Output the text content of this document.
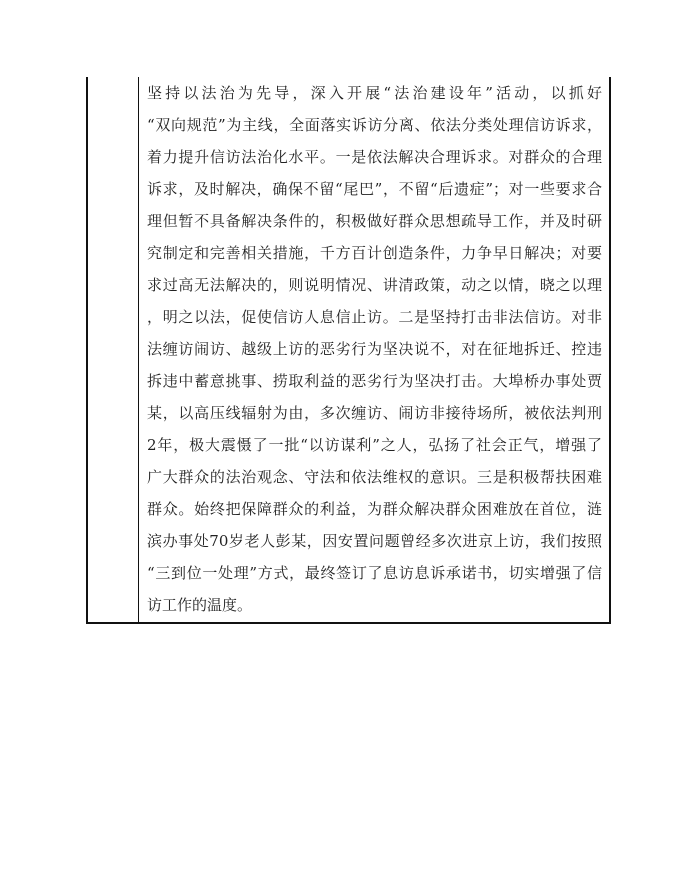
坚持以法治为先导，深入开展“法治建设年”活动，以抓好
“双向规范”为主线，全面落实诉访分离、依法分类处理信访诉求，
着力提升信访法治化水平。一是依法解决合理诉求。对群众的合理
诉求，及时解决，确保不留“尾巴”，不留“后遗症”；对一些要求合
理但暂不具备解决条件的，积极做好群众思想疏导工作，并及时研
究制定和完善相关措施，千方百计创造条件，力争早日解决；对要
求过高无法解决的，则说明情况、讲清政策，动之以情，晓之以理
，明之以法，促使信访人息信止访。二是坚持打击非法信访。对非
法缠访闹访、越级上访的恶劣行为坚决说不，对在征地拆迁、控违
拆违中蓄意挑事、捞取利益的恶劣行为坚决打击。大埠桥办事处贾
某，以高压线辐射为由，多次缠访、闹访非接待场所，被依法判刑
2年，极大震慑了一批“以访谋利”之人，弘扬了社会正气，增强了
广大群众的法治观念、守法和依法维权的意识。三是积极帮扶困难
群众。始终把保障群众的利益，为群众解决群众困难放在首位，涟
滨办事处70岁老人彭某，因安置问题曾经多次进京上访，我们按照
“三到位一处理”方式，最终签订了息访息诉承诺书，切实增强了信
访工作的温度。
